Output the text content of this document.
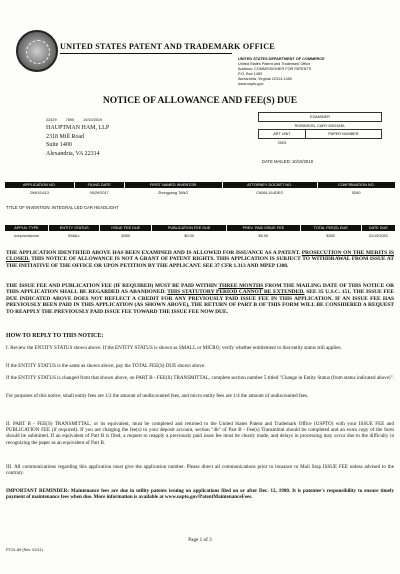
UNITED STATES PATENT AND TRADEMARK OFFICE
UNITED STATES DEPARTMENT OF COMMERCE
United States Patent and Trademark Office
Address: COMMISSIONER FOR PATENTS
P.O. Box 1450
Alexandria, Virginia 22313-1450
www.uspto.gov
NOTICE OF ALLOWANCE AND FEE(S) DUE
22429 7590 10/10/2019
HAUPTMAN HAM, LLP
2318 Mill Road
Suite 1400
Alexandria, VA 22314
EXAMINER	
ROBINSON, CARY MICHAEL	
ART UNIT	PAPER NUMBER
2923	
DATE MAILED: 10/10/2019
APPLICATION NO.	FILING DATE	FIRST NAMED INVENTOR	ATTORNEY DOCKET NO.	CONFIRMATION NO.
29/619,613	09/29/2017	Zhongyang TANG	C6064-014DES	5260
TITLE OF INVENTION: INTEGRAL LED CAR HEADLIGHT
APPLN. TYPE	ENTITY STATUS	ISSUE FEE DUE	PUBLICATION FEE DUE	PREV. PAID ISSUE FEE	TOTAL FEE(S) DUE	DATE DUE
nonprovisional	SMALL	$350	$0.00	$0.00	$350	01/10/2020
THE APPLICATION IDENTIFIED ABOVE HAS BEEN EXAMINED AND IS ALLOWED FOR ISSUANCE AS A PATENT. PROSECUTION ON THE MERITS IS CLOSED. THIS NOTICE OF ALLOWANCE IS NOT A GRANT OF PATENT RIGHTS. THIS APPLICATION IS SUBJECT TO WITHDRAWAL FROM ISSUE AT THE INITIATIVE OF THE OFFICE OR UPON PETITION BY THE APPLICANT. SEE 37 CFR 1.313 AND MPEP 1308.
THE ISSUE FEE AND PUBLICATION FEE (IF REQUIRED) MUST BE PAID WITHIN THREE MONTHS FROM THE MAILING DATE OF THIS NOTICE OR THIS APPLICATION SHALL BE REGARDED AS ABANDONED. THIS STATUTORY PERIOD CANNOT BE EXTENDED. SEE 35 U.S.C. 151. THE ISSUE FEE DUE INDICATED ABOVE DOES NOT REFLECT A CREDIT FOR ANY PREVIOUSLY PAID ISSUE FEE IN THIS APPLICATION. IF AN ISSUE FEE HAS PREVIOUSLY BEEN PAID IN THIS APPLICATION (AS SHOWN ABOVE), THE RETURN OF PART B OF THIS FORM WILL BE CONSIDERED A REQUEST TO REAPPLY THE PREVIOUSLY PAID ISSUE FEE TOWARD THE ISSUE FEE NOW DUE.
HOW TO REPLY TO THIS NOTICE:
I. Review the ENTITY STATUS shown above. If the ENTITY STATUS is shown as SMALL or MICRO, verify whether entitlement to that entity status still applies.
If the ENTITY STATUS is the same as shown above, pay the TOTAL FEE(S) DUE shown above.
If the ENTITY STATUS is changed from that shown above, on PART B - FEE(S) TRANSMITTAL, complete section number 5 titled "Change in Entity Status (from status indicated above)".
For purposes of this notice, small entity fees are 1/2 the amount of undiscounted fees, and micro entity fees are 1/4 the amount of undiscounted fees.
II. PART B - FEE(S) TRANSMITTAL, or its equivalent, must be completed and returned to the United States Patent and Trademark Office (USPTO) with your ISSUE FEE and PUBLICATION FEE (if required). If you are charging the fee(s) to your deposit account, section "4b" of Part B - Fee(s) Transmittal should be completed and an extra copy of the form should be submitted. If an equivalent of Part B is filed, a request to reapply a previously paid issue fee must be clearly made, and delays in processing may occur due to the difficulty in recognizing the paper as an equivalent of Part B.
III. All communications regarding this application must give the application number. Please direct all communications prior to issuance to Mail Stop ISSUE FEE unless advised to the contrary.
IMPORTANT REMINDER: Maintenance fees are due in utility patents issuing on applications filed on or after Dec. 12, 1980. It is patentee's responsibility to ensure timely payment of maintenance fees when due. More information is available at www.uspto.gov/PatentMaintenanceFees.
Page 1 of 3
PTOL-85 (Rev. 02/11)
